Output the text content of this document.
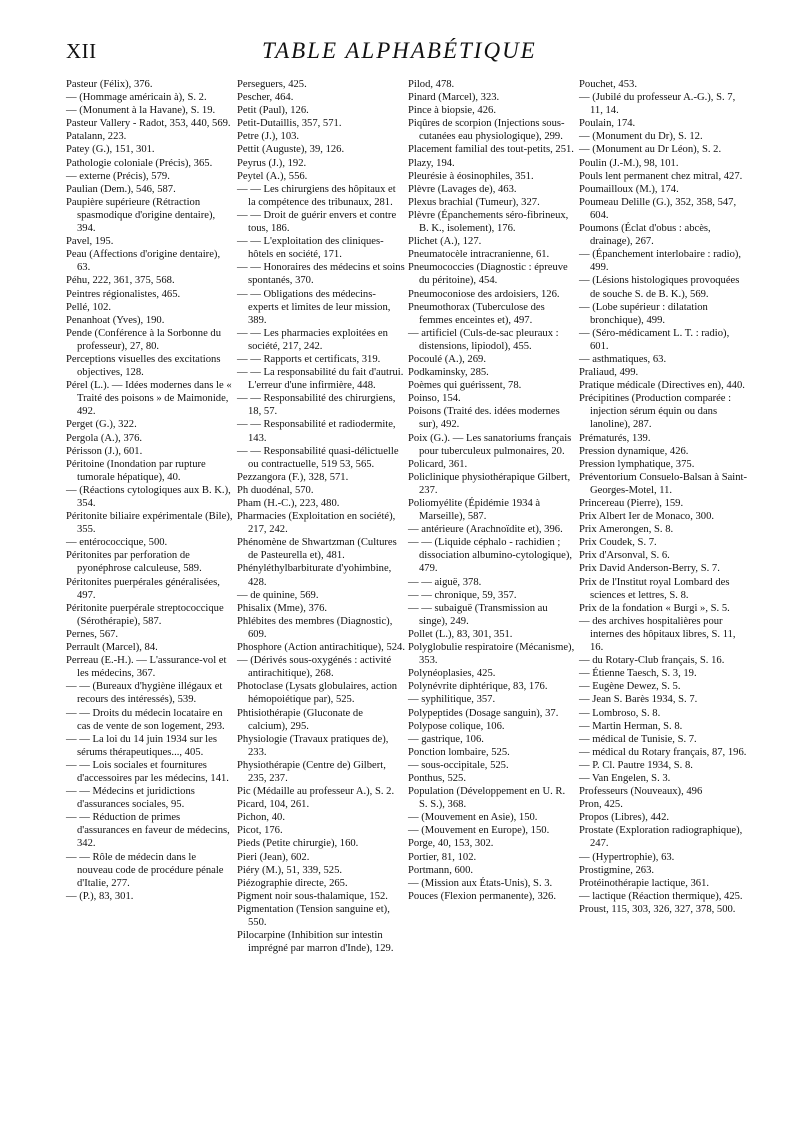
XII	TABLE ALPHABÉTIQUE
Pasteur (Félix), 376.
— (Hommage américain à), S. 2.
— (Monument à la Havane), S. 19.
Pasteur Vallery - Radot, 353, 440, 569.
Patalann, 223.
Patey (G.), 151, 301.
Pathologie coloniale (Précis), 365.
— externe (Précis), 579.
Paulian (Dem.), 546, 587.
Paupière supérieure (Rétraction spasmodique d'origine dentaire), 394.
Pavel, 195.
Peau (Affections d'origine dentaire), 63.
Péhu, 222, 361, 375, 568.
Peintres régionalistes, 465.
Pellé, 102.
Penanhoat (Yves), 190.
Pende (Conférence à la Sorbonne du professeur), 27, 80.
Perceptions visuelles des excitations objectives, 128.
Pérel (L.). — Idées modernes dans le « Traité des poisons » de Maimonide, 492.
Perget (G.), 322.
Pergola (A.), 376.
Périsson (J.), 601.
Péritoine (Inondation par rupture tumorale hépatique), 40.
— (Réactions cytologiques aux B. K.), 354.
Péritonite biliaire expérimentale (Bile), 355.
— entérococcique, 500.
Péritonites par perforation de pyonéphrose calculeuse, 589.
Péritonites puerpérales généralisées, 497.
Péritonite puerpérale streptococcique (Sérothérapie), 587.
Pernes, 567.
Perrault (Marcel), 84.
Perreau (E.-H.). — L'assurance-vol et les médecins, 367.
— — (Bureaux d'hygiène illégaux et recours des intéressés), 539.
— — Droits du médecin locataire en cas de vente de son logement, 293.
— — La loi du 14 juin 1934 sur les sérums thérapeutiques..., 405.
— — Lois sociales et fournitures d'accessoires par les médecins, 141.
— — Médecins et juridictions d'assurances sociales, 95.
— — Réduction de primes d'assurances en faveur de médecins, 342.
— — Rôle de médecin dans le nouveau code de procédure pénale d'Italie, 277.
— (P.), 83, 301.
Perseguers, 425.
Pescher, 464.
Petit (Paul), 126.
Petit-Dutaillis, 357, 571.
Petre (J.), 103.
Pettit (Auguste), 39, 126.
Peyrus (J.), 192.
Peytel (A.), 556.
— — Les chirurgiens des hôpitaux et la compétence des tribunaux, 281.
— — Droit de guérir envers et contre tous, 186.
— — L'exploitation des cliniques-hôtels en société, 171.
— — Honoraires des médecins et soins spontanés, 370.
— — Obligations des médecins-experts et limites de leur mission, 389.
— — Les pharmacies exploitées en société, 217, 242.
— — Rapports et certificats, 319.
— — La responsabilité du fait d'autrui. L'erreur d'une infirmière, 448.
— — Responsabilité des chirurgiens, 18, 57.
— — Responsabilité et radiodermite, 143.
— — Responsabilité quasi-délictuelle ou contractuelle, 519 53, 565.
Pezzangora (F.), 328, 571.
Ph duodénal, 570.
Pham (H.-C.), 223, 480.
Pharmacies (Exploitation en société), 217, 242.
Phénomène de Shwartzman (Cultures de Pasteurella et), 481.
Phényléthylbarbiturate d'yohimbine, 428.
— de quinine, 569.
Phisalix (Mme), 376.
Phlébites des membres (Diagnostic), 609.
Phosphore (Action antirachitique), 524.
— (Dérivés sous-oxygénés : activité antirachitique), 268.
Photoclase (Lysats globulaires, action hémopoiétique par), 525.
Phtisiothérapie (Gluconate de calcium), 295.
Physiologie (Travaux pratiques de), 233.
Physiothérapie (Centre de) Gilbert, 235, 237.
Pic (Médaille au professeur A.), S. 2.
Picard, 104, 261.
Pichon, 40.
Picot, 176.
Pieds (Petite chirurgie), 160.
Pieri (Jean), 602.
Piéry (M.), 51, 339, 525.
Piézographie directe, 265.
Pigment noir sous-thalamique, 152.
Pigmentation (Tension sanguine et), 550.
Pilocarpine (Inhibition sur intestin imprégné par marron d'Inde), 129.
Pilod, 478.
Pinard (Marcel), 323.
Pince à biopsie, 426.
Piqûres de scorpion (Injections sous-cutanées eau physiologique), 299.
Placement familial des tout-petits, 251.
Plazy, 194.
Pleurésie à éosinophiles, 351.
Plèvre (Lavages de), 463.
Plexus brachial (Tumeur), 327.
Plèvre (Épanchements séro-fibrineux, B. K., isolement), 176.
Plichet (A.), 127.
Pneumatocèle intracranienne, 61.
Pneumococcies (Diagnostic : épreuve du péritoine), 454.
Pneumoconiose des ardoisiers, 126.
Pneumothorax (Tuberculose des femmes enceintes et), 497.
— artificiel (Culs-de-sac pleuraux : distensions, lipiodol), 455.
Pocoulé (A.), 269.
Podkaminsky, 285.
Poèmes qui guérissent, 78.
Poinso, 154.
Poisons (Traité des. idées modernes sur), 492.
Poix (G.). — Les sanatoriums français pour tuberculeux pulmonaires, 20.
Policard, 361.
Policlinique physiothérapique Gilbert, 237.
Poliomyélite (Épidémie 1934 à Marseille), 587.
— antérieure (Arachnoïdite et), 396.
— — (Liquide céphalo - rachidien ; dissociation albumino-cytologique), 479.
— — aiguë, 378.
— — chronique, 59, 357.
— — subaiguë (Transmission au singe), 249.
Pollet (L.), 83, 301, 351.
Polyglobulie respiratoire (Mécanisme), 353.
Polynéoplasies, 425.
Polynévrite diphtérique, 83, 176.
— syphilitique, 357.
Polypeptides (Dosage sanguin), 37.
Polypose colique, 106.
— gastrique, 106.
Ponction lombaire, 525.
— sous-occipitale, 525.
Ponthus, 525.
Population (Développement en U. R. S. S.), 368.
— (Mouvement en Asie), 150.
— (Mouvement en Europe), 150.
Porge, 40, 153, 302.
Portier, 81, 102.
Portmann, 600.
— (Mission aux États-Unis), S. 3.
Pouces (Flexion permanente), 326.
Pouchet, 453.
— (Jubilé du professeur A.-G.), S. 7, 11, 14.
Poulain, 174.
— (Monument du Dr), S. 12.
— (Monument au Dr Léon), S. 2.
Poulin (J.-M.), 98, 101.
Pouls lent permanent chez mitral, 427.
Poumailloux (M.), 174.
Poumeau Delille (G.), 352, 358, 547, 604.
Poumons (Éclat d'obus : abcès, drainage), 267.
— (Épanchement interlobaire : radio), 499.
— (Lésions histologiques provoquées de souche S. de B. K.), 569.
— (Lobe supérieur : dilatation bronchique), 499.
— (Séro-médicament L. T. : radio), 601.
— asthmatiques, 63.
Praliaud, 499.
Pratique médicale (Directives en), 440.
Précipitines (Production comparée : injection sérum équin ou dans lanoline), 287.
Prématurés, 139.
Pression dynamique, 426.
Pression lymphatique, 375.
Préventorium Consuelo-Balsan à Saint-Georges-Motel, 11.
Princereau (Pierre), 159.
Prix Albert Ier de Monaco, 300.
Prix Amerongen, S. 8.
Prix Coudek, S. 7.
Prix d'Arsonval, S. 6.
Prix David Anderson-Berry, S. 7.
Prix de l'Institut royal Lombard des sciences et lettres, S. 8.
Prix de la fondation « Burgi », S. 5.
— des archives hospitalières pour internes des hôpitaux libres, S. 11, 16.
— du Rotary-Club français, S. 16.
— Étienne Taesch, S. 3, 19.
— Eugène Dewez, S. 5.
— Jean S. Barès 1934, S. 7.
— Lombroso, S. 8.
— Martin Herman, S. 8.
— médical de Tunisie, S. 7.
— médical du Rotary français, 87, 196.
— P. Cl. Pautre 1934, S. 8.
— Van Engelen, S. 3.
Professeurs (Nouveaux), 496
Pron, 425.
Propos (Libres), 442.
Prostate (Exploration radiographique), 247.
— (Hypertrophie), 63.
Prostigmine, 263.
Protéinothérapie lactique, 361.
— lactique (Réaction thermique), 425.
Proust, 115, 303, 326, 327, 378, 500.
